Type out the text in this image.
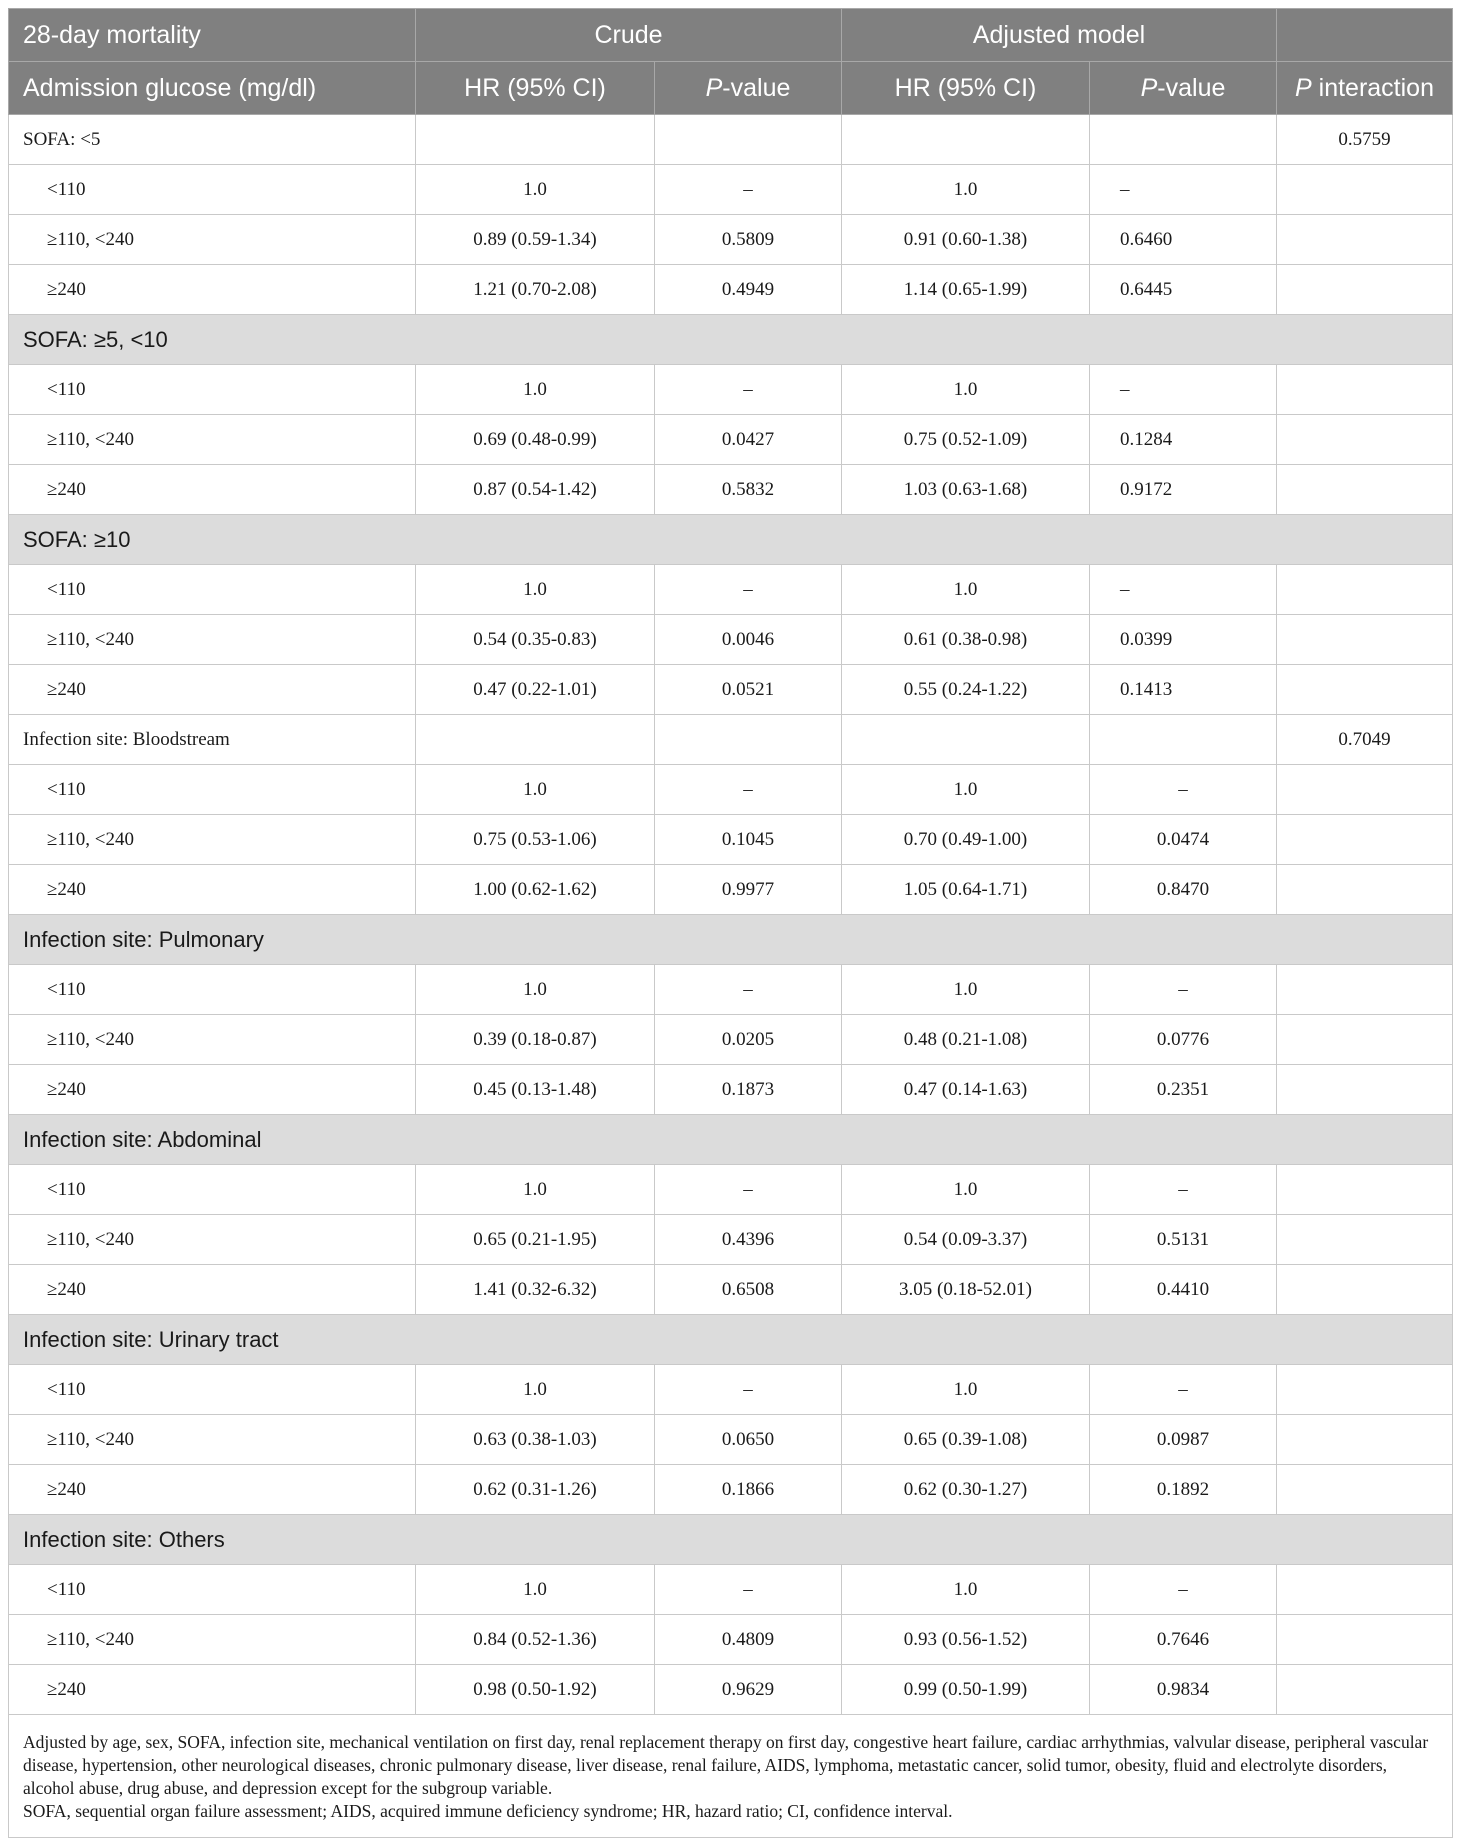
28-day mortality	Crude		Adjusted model		
Admission glucose (mg/dl)	HR (95% CI)	P-value	HR (95% CI)	P-value	P interaction
SOFA: <5					0.5759
<110	1.0	–	1.0	–	
≥110, <240	0.89 (0.59-1.34)	0.5809	0.91 (0.60-1.38)	0.6460	
≥240	1.21 (0.70-2.08)	0.4949	1.14 (0.65-1.99)	0.6445	
SOFA: ≥5, <10					
<110	1.0	–	1.0	–	
≥110, <240	0.69 (0.48-0.99)	0.0427	0.75 (0.52-1.09)	0.1284	
≥240	0.87 (0.54-1.42)	0.5832	1.03 (0.63-1.68)	0.9172	
SOFA: ≥10					
<110	1.0	–	1.0	–	
≥110, <240	0.54 (0.35-0.83)	0.0046	0.61 (0.38-0.98)	0.0399	
≥240	0.47 (0.22-1.01)	0.0521	0.55 (0.24-1.22)	0.1413	
Infection site: Bloodstream					0.7049
<110	1.0	–	1.0	–	
≥110, <240	0.75 (0.53-1.06)	0.1045	0.70 (0.49-1.00)	0.0474	
≥240	1.00 (0.62-1.62)	0.9977	1.05 (0.64-1.71)	0.8470	
Infection site: Pulmonary					
<110	1.0	–	1.0	–	
≥110, <240	0.39 (0.18-0.87)	0.0205	0.48 (0.21-1.08)	0.0776	
≥240	0.45 (0.13-1.48)	0.1873	0.47 (0.14-1.63)	0.2351	
Infection site: Abdominal					
<110	1.0	–	1.0	–	
≥110, <240	0.65 (0.21-1.95)	0.4396	0.54 (0.09-3.37)	0.5131	
≥240	1.41 (0.32-6.32)	0.6508	3.05 (0.18-52.01)	0.4410	
Infection site: Urinary tract					
<110	1.0	–	1.0	–	
≥110, <240	0.63 (0.38-1.03)	0.0650	0.65 (0.39-1.08)	0.0987	
≥240	0.62 (0.31-1.26)	0.1866	0.62 (0.30-1.27)	0.1892	
Infection site: Others					
<110	1.0	–	1.0	–	
≥110, <240	0.84 (0.52-1.36)	0.4809	0.93 (0.56-1.52)	0.7646	
≥240	0.98 (0.50-1.92)	0.9629	0.99 (0.50-1.99)	0.9834	

Adjusted by age, sex, SOFA, infection site, mechanical ventilation on first day, renal replacement therapy on first day, congestive heart failure, cardiac arrhythmias, valvular disease, peripheral vascular disease, hypertension, other neurological diseases, chronic pulmonary disease, liver disease, renal failure, AIDS, lymphoma, metastatic cancer, solid tumor, obesity, fluid and electrolyte disorders, alcohol abuse, drug abuse, and depression except for the subgroup variable.
SOFA, sequential organ failure assessment; AIDS, acquired immune deficiency syndrome; HR, hazard ratio; CI, confidence interval.					
